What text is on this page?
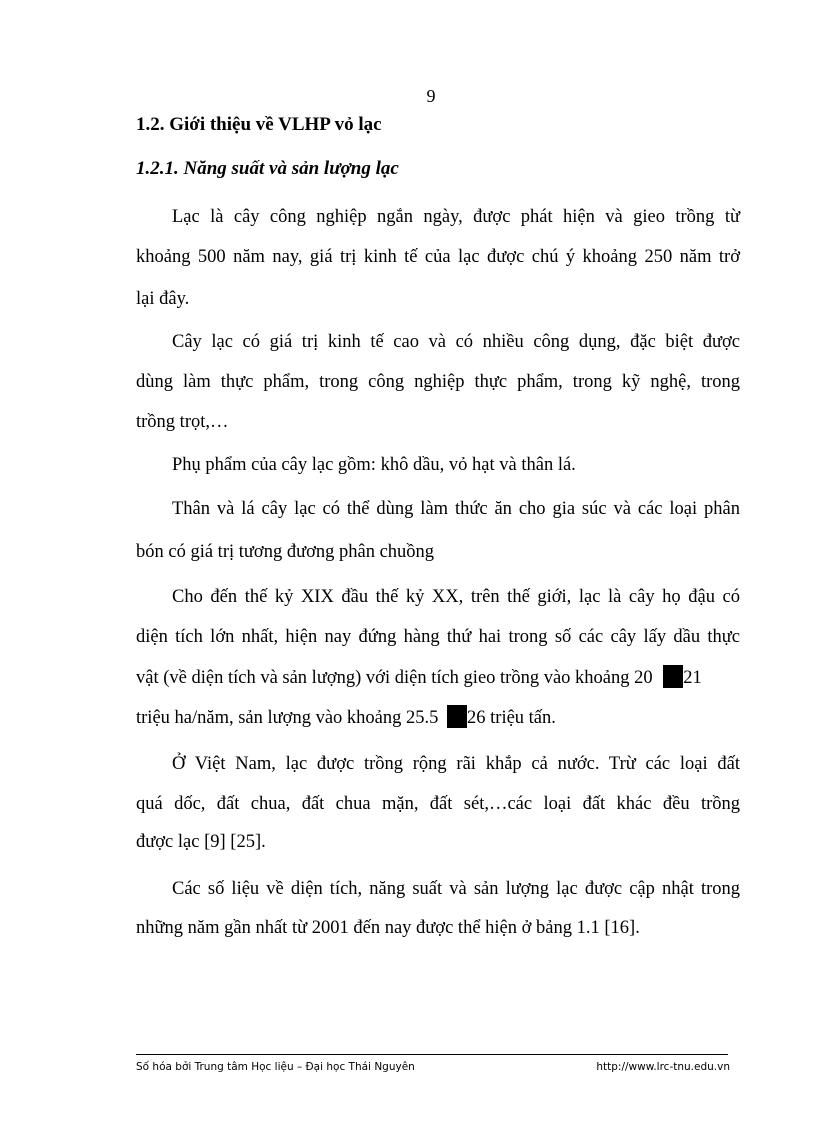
9
1.2. Giới thiệu về VLHP vỏ lạc
1.2.1. Năng suất và sản lượng lạc
Lạc là cây công nghiệp ngắn ngày, được phát hiện và gieo trồng từ
khoảng 500 năm nay, giá trị kinh tế của lạc được chú ý khoảng 250 năm trở
lại đây.
Cây lạc có giá trị kinh tế cao và có nhiều công dụng, đặc biệt được
dùng làm thực phẩm, trong công nghiệp thực phẩm, trong kỹ nghệ, trong
trồng trọt,…
Phụ phẩm của cây lạc gồm: khô dầu, vỏ hạt và thân lá.
Thân và lá cây lạc có thể dùng làm thức ăn cho gia súc và các loại phân
bón có giá trị tương đương phân chuồng
Cho đến thế kỷ XIX đầu thế kỷ XX, trên thế giới, lạc là cây họ đậu có
diện tích lớn nhất, hiện nay đứng hàng thứ hai trong số các cây lấy dầu thực
vật (về diện tích và sản lượng) với diện tích gieo trồng vào khoảng 20 21
triệu ha/năm, sản lượng vào khoảng 25.5 26 triệu tấn.
Ở Việt Nam, lạc được trồng rộng rãi khắp cả nước. Trừ các loại đất
quá dốc, đất chua, đất chua mặn, đất sét,…các loại đất khác đều trồng
được lạc [9] [25].
Các số liệu về diện tích, năng suất và sản lượng lạc được cập nhật trong
những năm gần nhất từ 2001 đến nay được thể hiện ở bảng 1.1 [16].
Số hóa bởi Trung tâm Học liệu – Đại học Thái Nguyên	http://www.lrc-tnu.edu.vn
